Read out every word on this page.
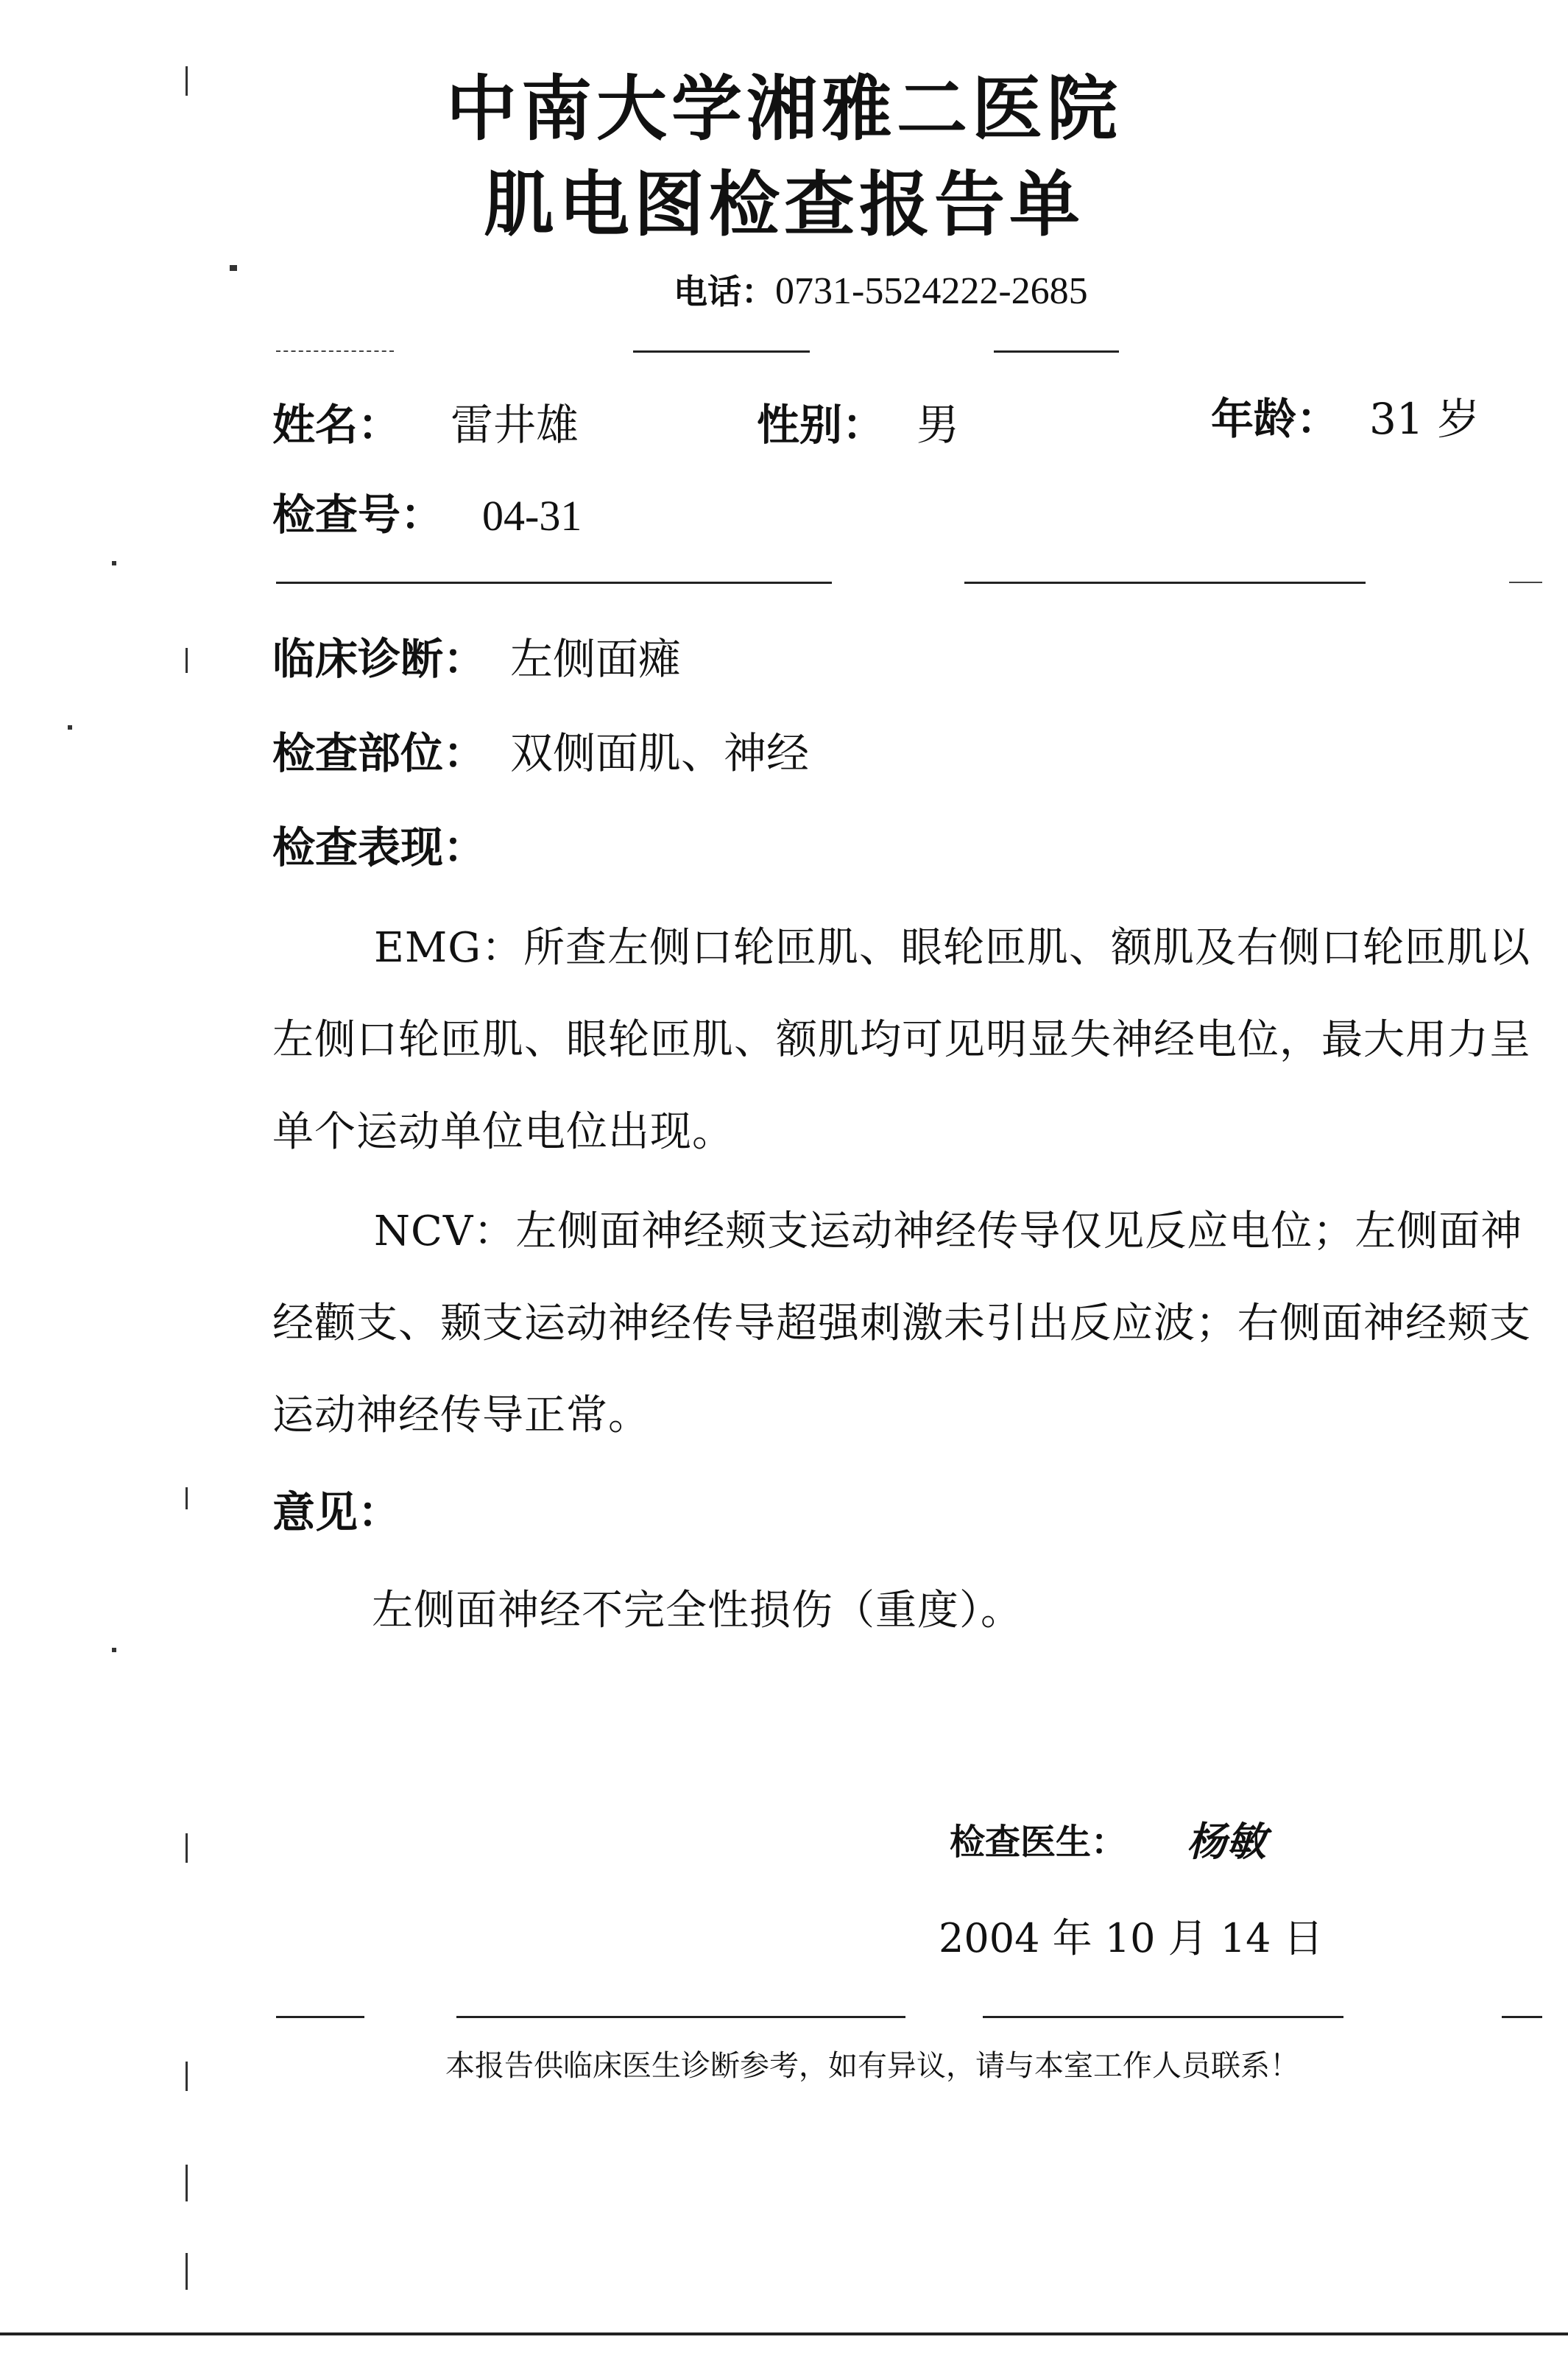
中南大学湘雅二医院
肌电图检查报告单
电话：0731-5524222-2685
姓名： 雷井雄	性别： 男	年龄： 31 岁
检查号： 04-31
临床诊断： 左侧面瘫
检查部位： 双侧面肌、神经
检查表现：
EMG：所查左侧口轮匝肌、眼轮匝肌、额肌及右侧口轮匝肌以
左侧口轮匝肌、眼轮匝肌、额肌均可见明显失神经电位，最大用力呈
单个运动单位电位出现。
NCV：左侧面神经颊支运动神经传导仅见反应电位；左侧面神
经颧支、颞支运动神经传导超强刺激未引出反应波；右侧面神经颊支
运动神经传导正常。
意见：
左侧面神经不完全性损伤（重度）。
检查医生： 杨敏
2004 年 10 月 14 日
本报告供临床医生诊断参考，如有异议，请与本室工作人员联系！
